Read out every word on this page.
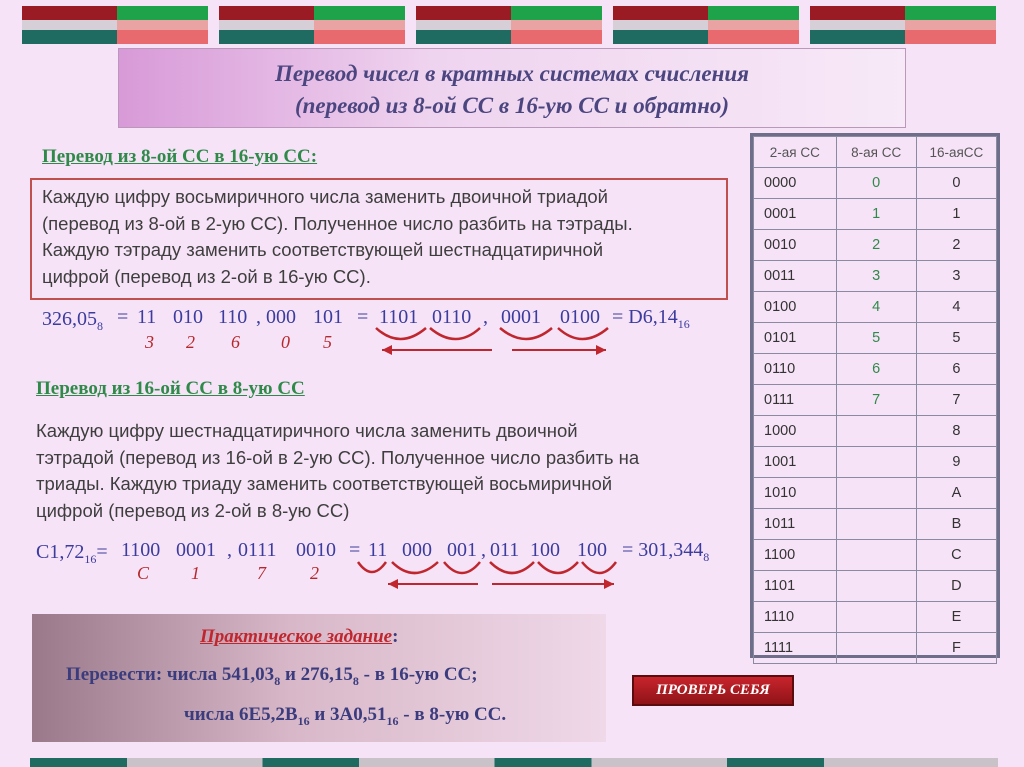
Перевод чисел в кратных системах счисления
(перевод из 8-ой СС в 16-ую СС и обратно)
Перевод из 8-ой СС в 16-ую СС:
Каждую цифру восьмиричного числа заменить двоичной триадой
(перевод из 8-ой в 2-ую СС). Полученное число разбить на тэтрады.
Каждую тэтраду заменить соответствующей шестнадцатиричной
цифрой (перевод из 2-ой в 16-ую СС).
$326,05_8 = 11$ 010 110 , 000 101 = 1101 0110 , 0001 $0100 = D6,14_{16}$
3 2 6 0 5
Перевод из 16-ой СС в 8-ую СС
Каждую цифру шестнадцатиричного числа заменить двоичной
тэтрадой (перевод из 16-ой в 2-ую СС). Полученное число разбить на
триады. Каждую триаду заменить соответствующей восьмиричной
цифрой (перевод из 2-ой в 8-ую СС)
$С1,72_{16}= 1100$ 0001 , 0111 0010 = 11 000 001 , 011 100 $100 = 301,344_8$
С 1	7 2
Практическое задание:
Перевести: числа $541,03_8$ и $276,15_8$ - в 16-ую СС;
числа $6Е5,2В_{16}$ и $3А0,51_{16}$ - в 8-ую СС.
ПРОВЕРЬ СЕБЯ
2-ая СС	8-ая СС	16-аяСС
0000	0	0
0001	1	1
0010	2	2
0011	3	3
0100	4	4
0101	5	5
0110	6	6
0111	7	7
1000		8
1001		9
1010		A
1011		B
1100		C
1101		D
1110		E
1111		F
